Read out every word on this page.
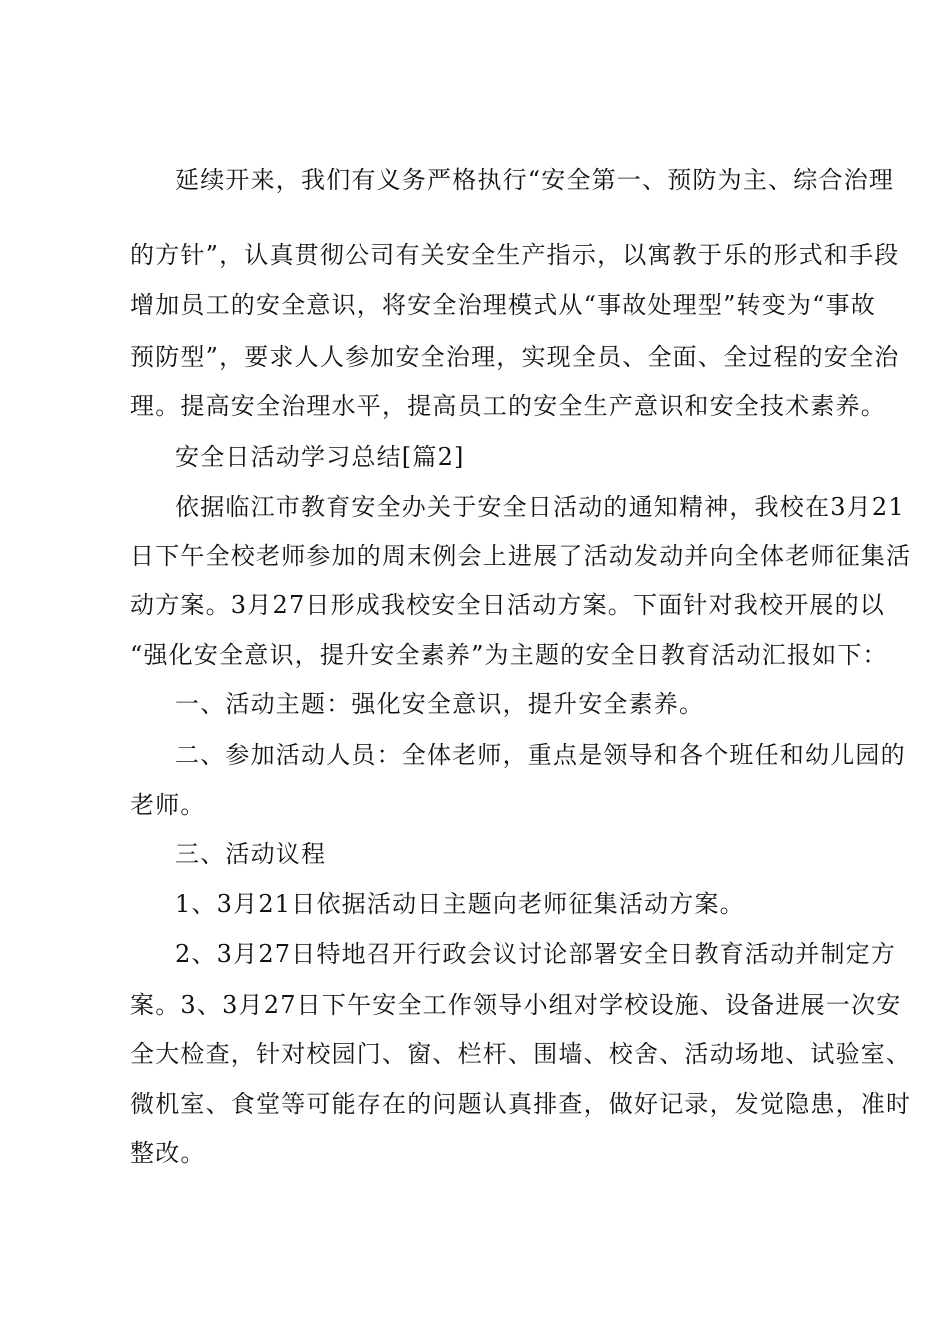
延续开来，我们有义务严格执行“安全第一、预防为主、综合治理
的方针”，认真贯彻公司有关安全生产指示，以寓教于乐的形式和手段
增加员工的安全意识，将安全治理模式从“事故处理型”转变为“事故
预防型”，要求人人参加安全治理，实现全员、全面、全过程的安全治
理。提高安全治理水平，提高员工的安全生产意识和安全技术素养。
安全日活动学习总结[篇2]
依据临江市教育安全办关于安全日活动的通知精神，我校在3月21
日下午全校老师参加的周末例会上进展了活动发动并向全体老师征集活
动方案。3月27日形成我校安全日活动方案。下面针对我校开展的以
“强化安全意识，提升安全素养”为主题的安全日教育活动汇报如下：
一、活动主题：强化安全意识，提升安全素养。
二、参加活动人员：全体老师，重点是领导和各个班任和幼儿园的
老师。
三、活动议程
1、3月21日依据活动日主题向老师征集活动方案。
2、3月27日特地召开行政会议讨论部署安全日教育活动并制定方
案。3、3月27日下午安全工作领导小组对学校设施、设备进展一次安
全大检查，针对校园门、窗、栏杆、围墙、校舍、活动场地、试验室、
微机室、食堂等可能存在的问题认真排查，做好记录，发觉隐患，准时
整改。
